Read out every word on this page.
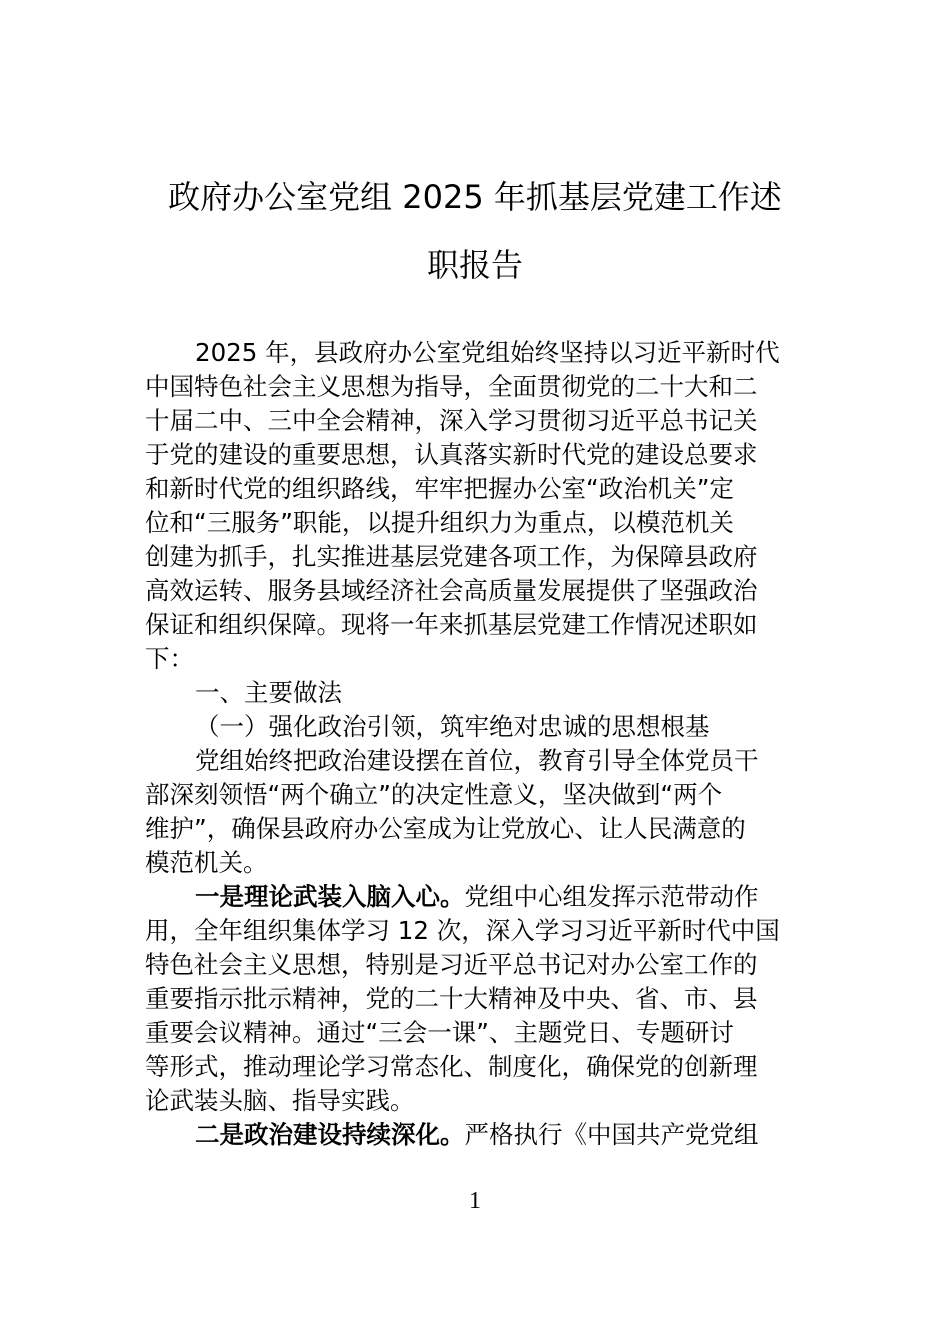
政府办公室党组 2025 年抓基层党建工作述
职报告

2025 年，县政府办公室党组始终坚持以习近平新时代

中国特色社会主义思想为指导，全面贯彻党的二十大和二

十届二中、三中全会精神，深入学习贯彻习近平总书记关

于党的建设的重要思想，认真落实新时代党的建设总要求

和新时代党的组织路线，牢牢把握办公室“政治机关”定

位和“三服务”职能，以提升组织力为重点，以模范机关

创建为抓手，扎实推进基层党建各项工作，为保障县政府

高效运转、服务县域经济社会高质量发展提供了坚强政治

保证和组织保障。现将一年来抓基层党建工作情况述职如

下：

一、主要做法

（一）强化政治引领，筑牢绝对忠诚的思想根基

党组始终把政治建设摆在首位，教育引导全体党员干

部深刻领悟“两个确立”的决定性意义，坚决做到“两个

维护”，确保县政府办公室成为让党放心、让人民满意的

模范机关。

一是理论武装入脑入心。党组中心组发挥示范带动作

用，全年组织集体学习 12 次，深入学习习近平新时代中国

特色社会主义思想，特别是习近平总书记对办公室工作的

重要指示批示精神，党的二十大精神及中央、省、市、县

重要会议精神。通过“三会一课”、主题党日、专题研讨

等形式，推动理论学习常态化、制度化，确保党的创新理

论武装头脑、指导实践。

二是政治建设持续深化。严格执行《中国共产党党组

1
